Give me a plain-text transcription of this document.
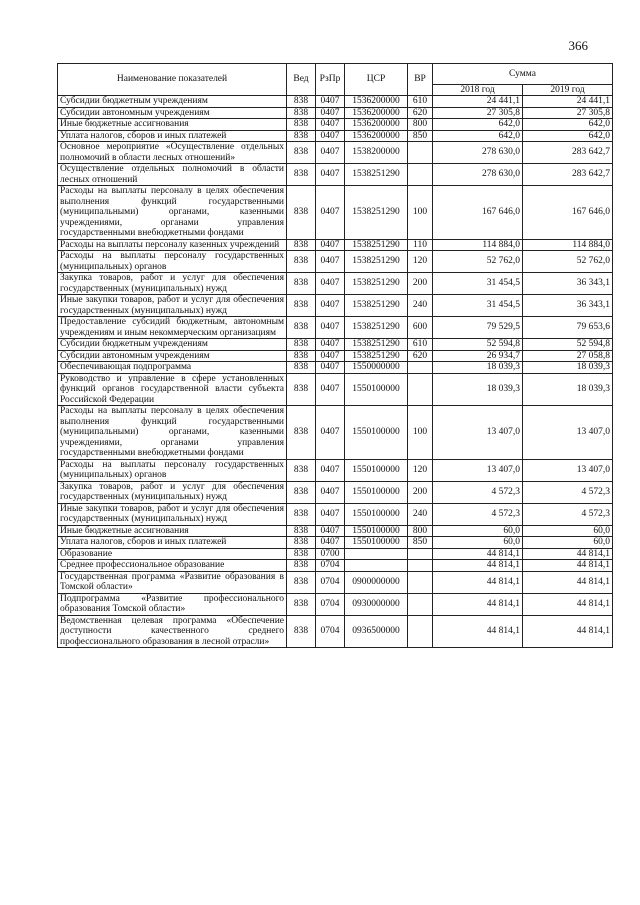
366
Наименование показателей	Вед	РзПр	ЦСР	ВР	Сумма	
					2018 год	2019 год
Субсидии бюджетным учреждениям	838	0407	1536200000	610	24 441,1	24 441,1
Субсидии автономным учреждениям	838	0407	1536200000	620	27 305,8	27 305,8
Иные бюджетные ассигнования	838	0407	1536200000	800	642,0	642,0
Уплата налогов, сборов и иных платежей	838	0407	1536200000	850	642,0	642,0
Основное мероприятие «Осуществление отдельных полномочий в области лесных отношений»	838	0407	1538200000		278 630,0	283 642,7
Осуществление отдельных полномочий в области лесных отношений	838	0407	1538251290		278 630,0	283 642,7
Расходы на выплаты персоналу в целях обеспечения выполнения функций государственными (муниципальными) органами, казенными учреждениями, органами управления государственными внебюджетными фондами	838	0407	1538251290	100	167 646,0	167 646,0
Расходы на выплаты персоналу казенных учреждений	838	0407	1538251290	110	114 884,0	114 884,0
Расходы на выплаты персоналу государственных (муниципальных) органов	838	0407	1538251290	120	52 762,0	52 762,0
Закупка товаров, работ и услуг для обеспечения государственных (муниципальных) нужд	838	0407	1538251290	200	31 454,5	36 343,1
Иные закупки товаров, работ и услуг для обеспечения государственных (муниципальных) нужд	838	0407	1538251290	240	31 454,5	36 343,1
Предоставление субсидий бюджетным, автономным учреждениям и иным некоммерческим организациям	838	0407	1538251290	600	79 529,5	79 653,6
Субсидии бюджетным учреждениям	838	0407	1538251290	610	52 594,8	52 594,8
Субсидии автономным учреждениям	838	0407	1538251290	620	26 934,7	27 058,8
Обеспечивающая подпрограмма	838	0407	1550000000		18 039,3	18 039,3
Руководство и управление в сфере установленных функций органов государственной власти субъекта Российской Федерации	838	0407	1550100000		18 039,3	18 039,3
Расходы на выплаты персоналу в целях обеспечения выполнения функций государственными (муниципальными) органами, казенными учреждениями, органами управления государственными внебюджетными фондами	838	0407	1550100000	100	13 407,0	13 407,0
Расходы на выплаты персоналу государственных (муниципальных) органов	838	0407	1550100000	120	13 407,0	13 407,0
Закупка товаров, работ и услуг для обеспечения государственных (муниципальных) нужд	838	0407	1550100000	200	4 572,3	4 572,3
Иные закупки товаров, работ и услуг для обеспечения государственных (муниципальных) нужд	838	0407	1550100000	240	4 572,3	4 572,3
Иные бюджетные ассигнования	838	0407	1550100000	800	60,0	60,0
Уплата налогов, сборов и иных платежей	838	0407	1550100000	850	60,0	60,0
Образование	838	0700			44 814,1	44 814,1
Среднее профессиональное образование	838	0704			44 814,1	44 814,1
Государственная программа «Развитие образования в Томской области»	838	0704	0900000000		44 814,1	44 814,1
Подпрограмма «Развитие профессионального образования Томской области»	838	0704	0930000000		44 814,1	44 814,1
Ведомственная целевая программа «Обеспечение доступности качественного среднего профессионального образования в лесной отрасли»	838	0704	0936500000		44 814,1	44 814,1
